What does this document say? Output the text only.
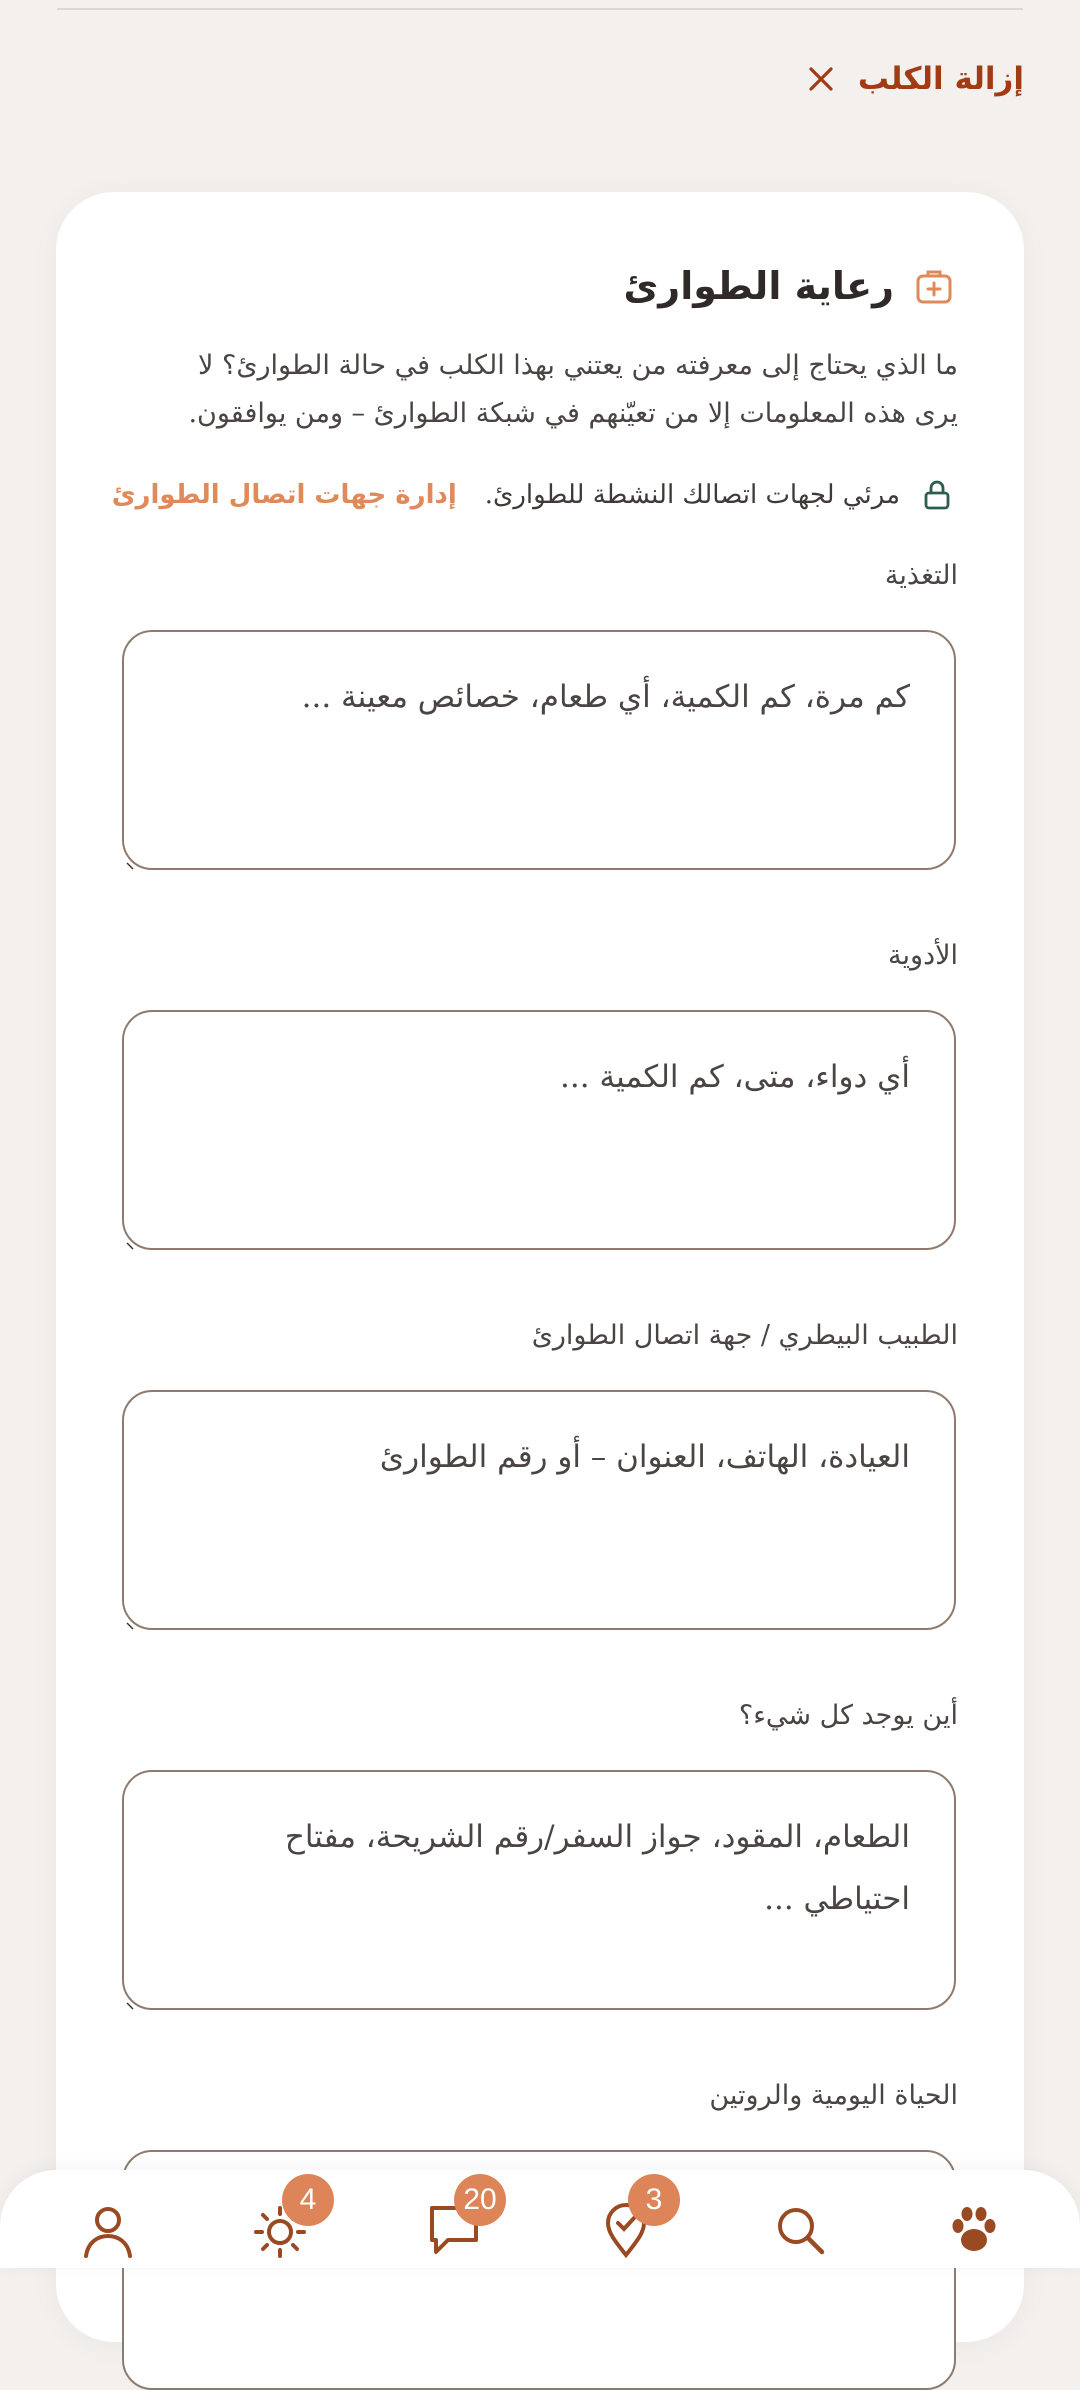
إزالة الكلب
رعاية الطوارئ
ما الذي يحتاج إلى معرفته من يعتني بهذا الكلب في حالة الطوارئ؟ لا يرى هذه المعلومات إلا من تعيّنهم في شبكة الطوارئ – ومن يوافقون.
مرئي لجهات اتصالك النشطة للطوارئ.
إدارة جهات اتصال الطوارئ
التغذية
كم مرة، كم الكمية، أي طعام، خصائص معينة ...
الأدوية
أي دواء، متى، كم الكمية ...
الطبيب البيطري / جهة اتصال الطوارئ
العيادة، الهاتف، العنوان – أو رقم الطوارئ
أين يوجد كل شيء؟
الطعام، المقود، جواز السفر/رقم الشريحة، مفتاح احتياطي ...
الحياة اليومية والروتين
3
20
4
